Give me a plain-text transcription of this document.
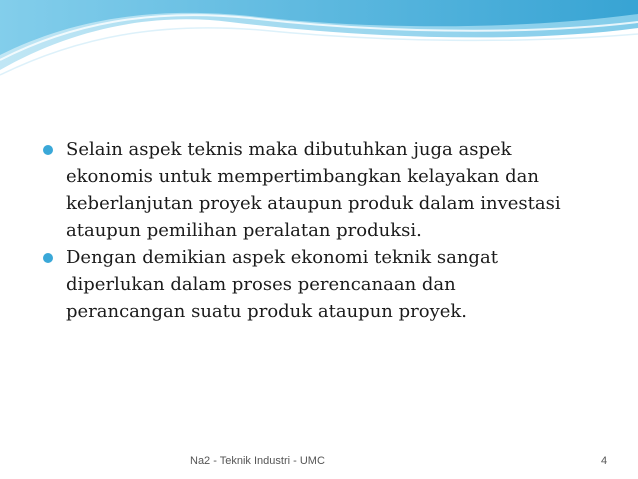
Selain aspek teknis maka dibutuhkan juga aspek
ekonomis untuk mempertimbangkan kelayakan dan
keberlanjutan proyek ataupun produk dalam investasi
ataupun pemilihan peralatan produksi.
Dengan demikian aspek ekonomi teknik sangat
diperlukan dalam proses perencanaan dan
perancangan suatu produk ataupun proyek.
Na2 - Teknik Industri - UMC	4
